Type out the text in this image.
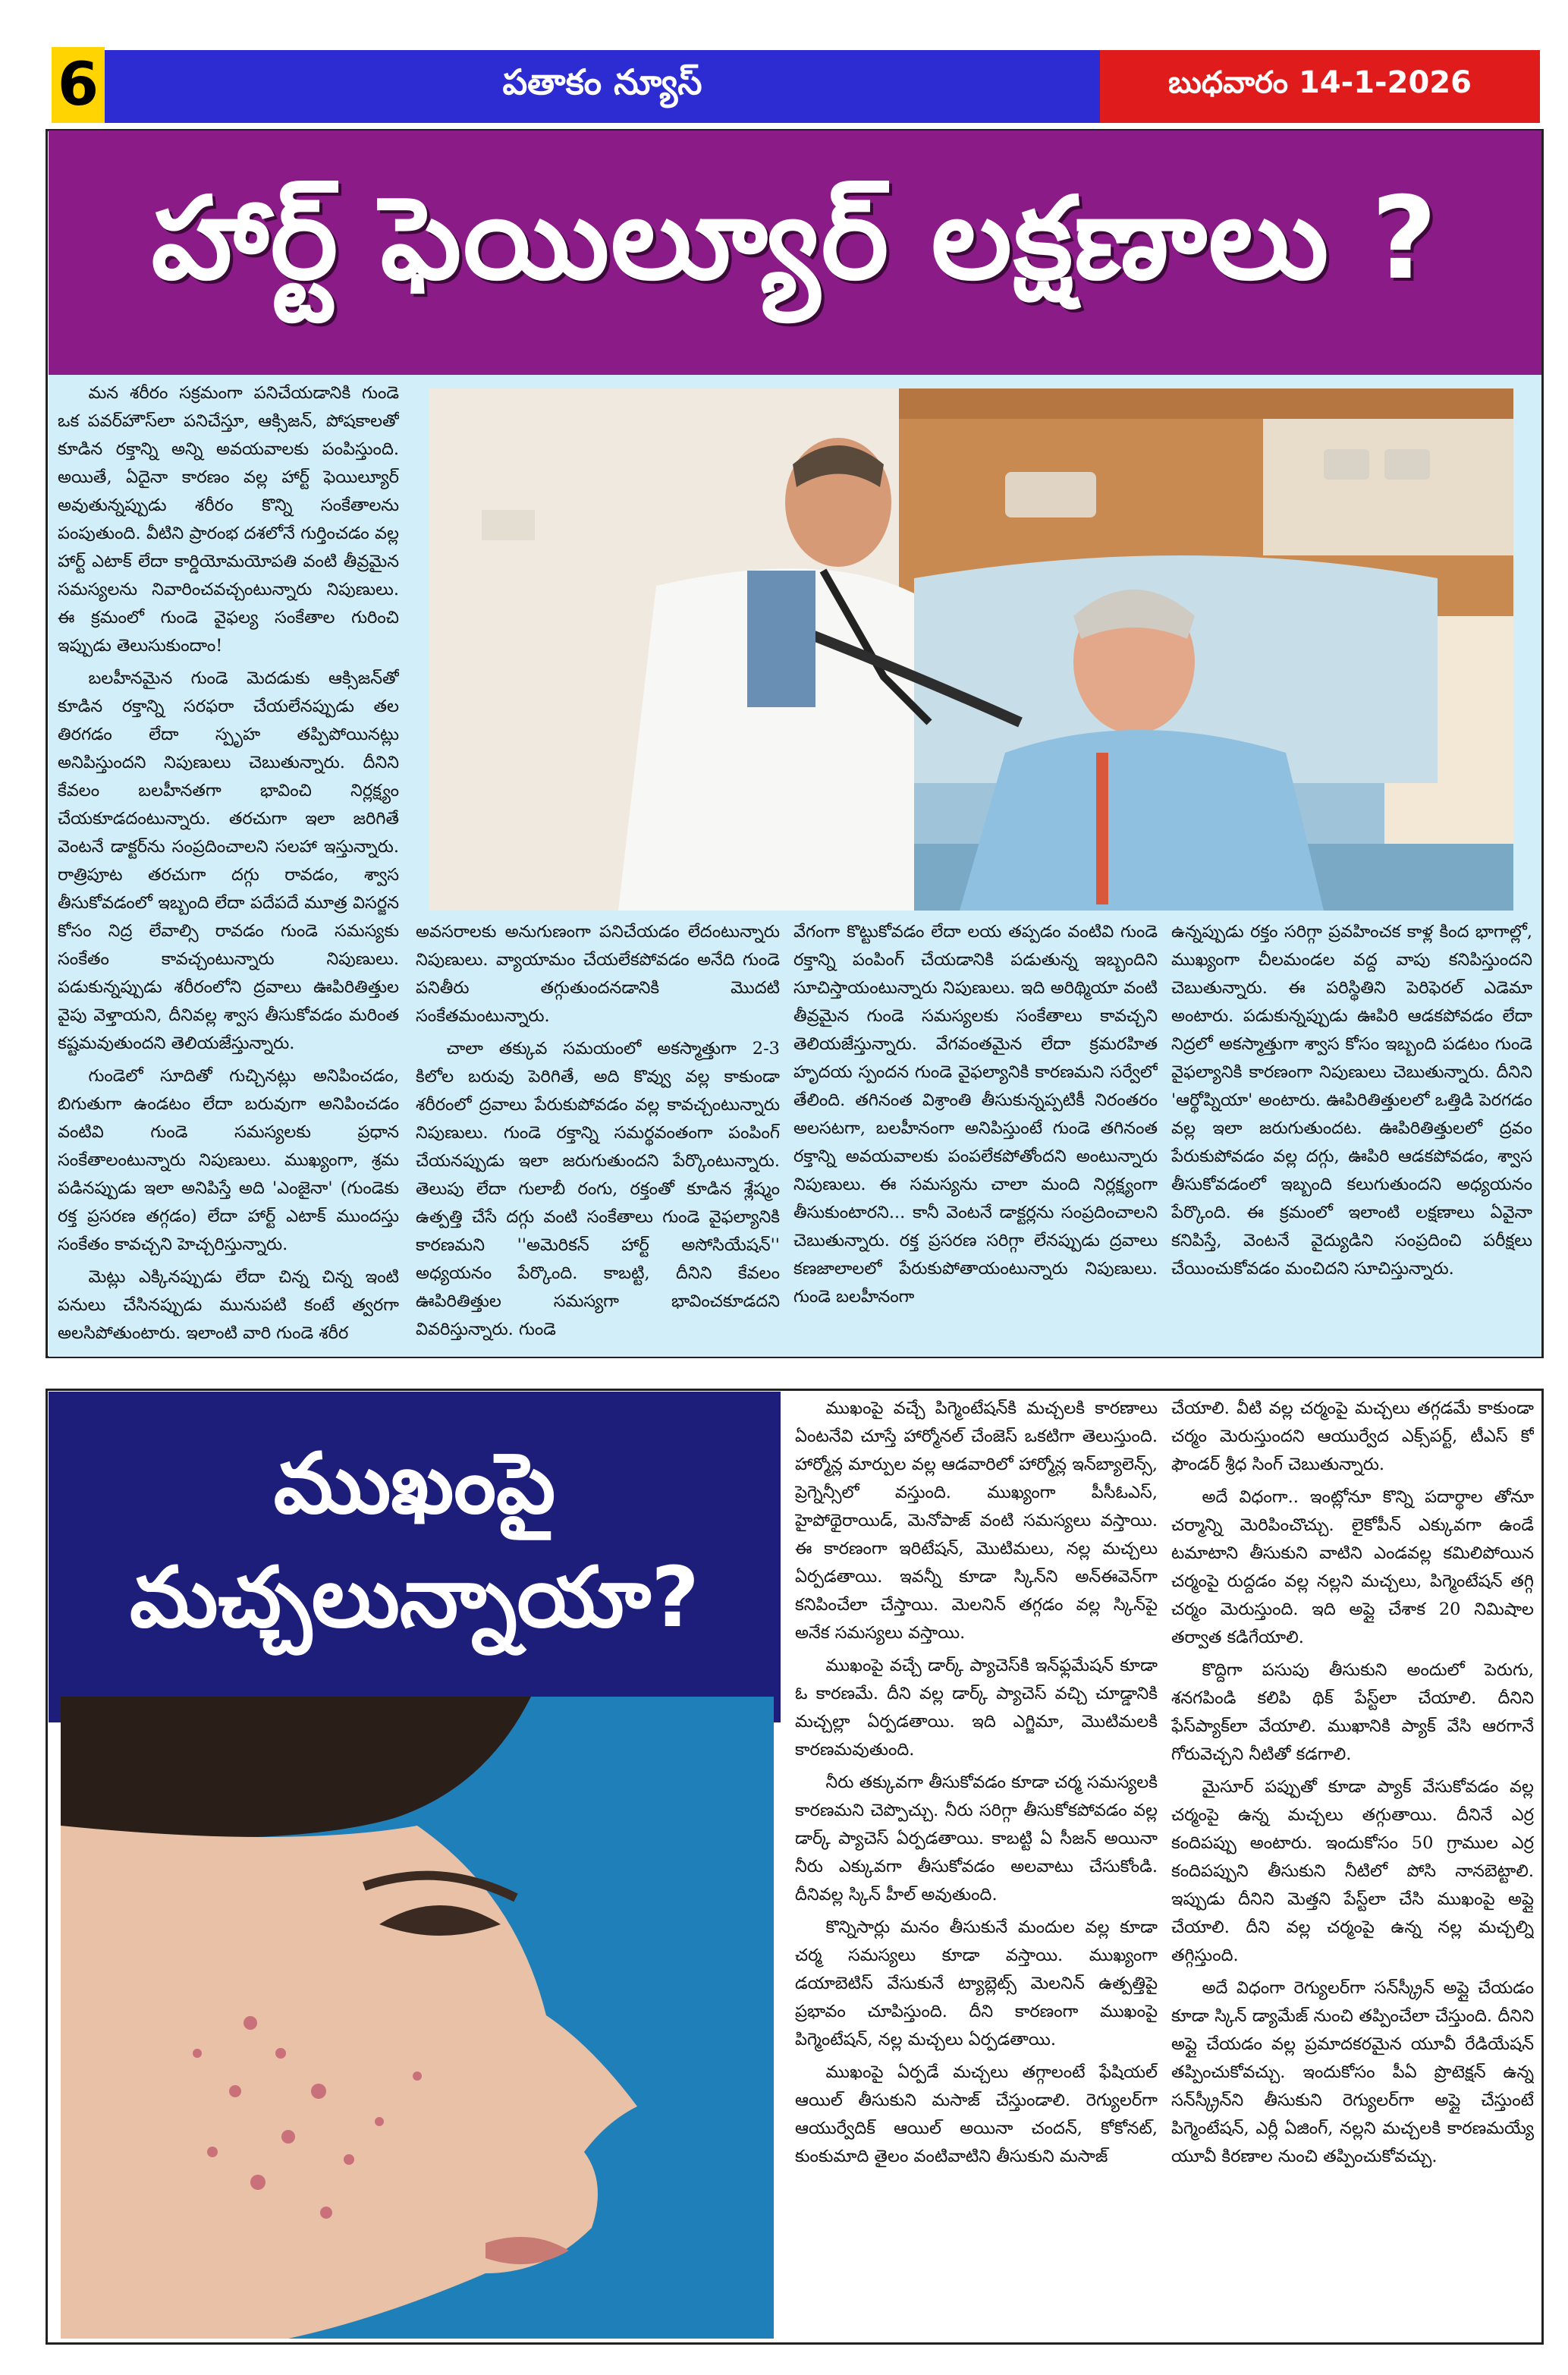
6	పతాకం న్యూస్	బుధవారం 14-1-2026
హార్ట్ ఫెయిల్యూర్ లక్షణాలు ?

మన శరీరం సక్రమంగా పనిచేయడానికి గుండె ఒక పవర్‌హౌస్‌లా పనిచేస్తూ, ఆక్సిజన్, పోషకాలతో కూడిన రక్తాన్ని అన్ని అవయవాలకు పంపిస్తుంది. అయితే, ఏదైనా కారణం వల్ల హార్ట్ ఫెయిల్యూర్ అవుతున్నప్పుడు శరీరం కొన్ని సంకేతాలను పంపుతుంది. వీటిని ప్రారంభ దశలోనే గుర్తించడం వల్ల హార్ట్ ఎటాక్ లేదా కార్డియోమయోపతి వంటి తీవ్రమైన సమస్యలను నివారించవచ్చంటున్నారు నిపుణులు. ఈ క్రమంలో గుండె వైఫల్య సంకేతాల గురించి ఇప్పుడు తెలుసుకుందాం!

బలహీనమైన గుండె మెదడుకు ఆక్సిజన్‌తో కూడిన రక్తాన్ని సరఫరా చేయలేనప్పుడు తల తిరగడం లేదా స్పృహ తప్పిపోయినట్లు అనిపిస్తుందని నిపుణులు చెబుతున్నారు. దీనిని కేవలం బలహీనతగా భావించి నిర్లక్ష్యం చేయకూడదంటున్నారు. తరచుగా ఇలా జరిగితే వెంటనే డాక్టర్‌ను సంప్రదించాలని సలహా ఇస్తున్నారు. రాత్రిపూట తరచుగా దగ్గు రావడం, శ్వాస తీసుకోవడంలో ఇబ్బంది లేదా పదేపదే మూత్ర విసర్జన కోసం నిద్ర లేవాల్సి రావడం గుండె సమస్యకు సంకేతం కావచ్చంటున్నారు నిపుణులు. పడుకున్నప్పుడు శరీరంలోని ద్రవాలు ఊపిరితిత్తుల వైపు వెళ్తాయని, దీనివల్ల శ్వాస తీసుకోవడం మరింత కష్టమవుతుందని తెలియజేస్తున్నారు.

గుండెలో సూదితో గుచ్చినట్లు అనిపించడం, బిగుతుగా ఉండటం లేదా బరువుగా అనిపించడం వంటివి గుండె సమస్యలకు ప్రధాన సంకేతాలంటున్నారు నిపుణులు. ముఖ్యంగా, శ్రమ పడినప్పుడు ఇలా అనిపిస్తే అది 'ఎంజైనా' (గుండెకు రక్త ప్రసరణ తగ్గడం) లేదా హార్ట్ ఎటాక్ ముందస్తు సంకేతం కావచ్చని హెచ్చరిస్తున్నారు.

మెట్లు ఎక్కినప్పుడు లేదా చిన్న చిన్న ఇంటి పనులు చేసినప్పుడు మునుపటి కంటే త్వరగా అలసిపోతుంటారు. ఇలాంటి వారి గుండె శరీర

అవసరాలకు అనుగుణంగా పనిచేయడం లేదంటున్నారు నిపుణులు. వ్యాయామం చేయలేకపోవడం అనేది గుండె పనితీరు తగ్గుతుందనడానికి మొదటి సంకేతమంటున్నారు.

చాలా తక్కువ సమయంలో అకస్మాత్తుగా 2-3 కిలోల బరువు పెరిగితే, అది కొవ్వు వల్ల కాకుండా శరీరంలో ద్రవాలు పేరుకుపోవడం వల్ల కావచ్చంటున్నారు నిపుణులు. గుండె రక్తాన్ని సమర్థవంతంగా పంపింగ్ చేయనప్పుడు ఇలా జరుగుతుందని పేర్కొంటున్నారు. తెలుపు లేదా గులాబీ రంగు, రక్తంతో కూడిన శ్లేష్మం ఉత్పత్తి చేసే దగ్గు వంటి సంకేతాలు గుండె వైఫల్యానికి కారణమని ''అమెరికన్ హార్ట్ అసోసియేషన్'' అధ్యయనం పేర్కొంది. కాబట్టి, దీనిని కేవలం ఊపిరితిత్తుల సమస్యగా భావించకూడదని వివరిస్తున్నారు. గుండె

వేగంగా కొట్టుకోవడం లేదా లయ తప్పడం వంటివి గుండె రక్తాన్ని పంపింగ్ చేయడానికి పడుతున్న ఇబ్బందిని సూచిస్తాయంటున్నారు నిపుణులు. ఇది అరిథ్మియా వంటి తీవ్రమైన గుండె సమస్యలకు సంకేతాలు కావచ్చని తెలియజేస్తున్నారు. వేగవంతమైన లేదా క్రమరహిత హృదయ స్పందన గుండె వైఫల్యానికి కారణమని సర్వేలో తేలింది. తగినంత విశ్రాంతి తీసుకున్నప్పటికీ నిరంతరం అలసటగా, బలహీనంగా అనిపిస్తుంటే గుండె తగినంత రక్తాన్ని అవయవాలకు పంపలేకపోతోందని అంటున్నారు నిపుణులు. ఈ సమస్యను చాలా మంది నిర్లక్ష్యంగా తీసుకుంటారని... కానీ వెంటనే డాక్టర్లను సంప్రదించాలని చెబుతున్నారు. రక్త ప్రసరణ సరిగ్గా లేనప్పుడు ద్రవాలు కణజాలాలలో పేరుకుపోతాయంటున్నారు నిపుణులు. గుండె బలహీనంగా

ఉన్నప్పుడు రక్తం సరిగ్గా ప్రవహించక కాళ్ల కింద భాగాల్లో, ముఖ్యంగా చీలమండల వద్ద వాపు కనిపిస్తుందని చెబుతున్నారు. ఈ పరిస్థితిని పెరిఫెరల్ ఎడెమా అంటారు. పడుకున్నప్పుడు ఊపిరి ఆడకపోవడం లేదా నిద్రలో అకస్మాత్తుగా శ్వాస కోసం ఇబ్బంది పడటం గుండె వైఫల్యానికి కారణంగా నిపుణులు చెబుతున్నారు. దీనిని 'ఆర్థోప్నియా' అంటారు. ఊపిరితిత్తులలో ఒత్తిడి పెరగడం వల్ల ఇలా జరుగుతుందట. ఊపిరితిత్తులలో ద్రవం పేరుకుపోవడం వల్ల దగ్గు, ఊపిరి ఆడకపోవడం, శ్వాస తీసుకోవడంలో ఇబ్బంది కలుగుతుందని అధ్యయనం పేర్కొంది. ఈ క్రమంలో ఇలాంటి లక్షణాలు ఏవైనా కనిపిస్తే, వెంటనే వైద్యుడిని సంప్రదించి పరీక్షలు చేయించుకోవడం మంచిదని సూచిస్తున్నారు.

ముఖంపై
మచ్చలున్నాయా?

ముఖంపై వచ్చే పిగ్మెంటేషన్‌కి మచ్చలకి కారణాలు ఏంటనేవి చూస్తే హార్మోనల్ చేంజెస్ ఒకటిగా తెలుస్తుంది. హార్మోన్ల మార్పుల వల్ల ఆడవారిలో హార్మోన్ల ఇన్‌బ్యాలెన్స్, ప్రెగ్నెన్సీలో వస్తుంది. ముఖ్యంగా పీసీఓఎస్, హైపోథైరాయిడ్, మెనోపాజ్ వంటి సమస్యలు వస్తాయి. ఈ కారణంగా ఇరిటేషన్, మొటిమలు, నల్ల మచ్చలు ఏర్పడతాయి. ఇవన్నీ కూడా స్కిన్‌ని అన్‌ఈవెన్‌గా కనిపించేలా చేస్తాయి. మెలనిన్ తగ్గడం వల్ల స్కిన్‌పై అనేక సమస్యలు వస్తాయి.

ముఖంపై వచ్చే డార్క్ ప్యాచెస్‌కి ఇన్‌ఫ్లమేషన్ కూడా ఓ కారణమే. దీని వల్ల డార్క్ ప్యాచెస్ వచ్చి చూడ్డానికి మచ్చల్లా ఏర్పడతాయి. ఇది ఎగ్జిమా, మొటిమలకి కారణమవుతుంది.

నీరు తక్కువగా తీసుకోవడం కూడా చర్మ సమస్యలకి కారణమని చెప్పొచ్చు. నీరు సరిగ్గా తీసుకోకపోవడం వల్ల డార్క్ ప్యాచెస్ ఏర్పడతాయి. కాబట్టి ఏ సీజన్ అయినా నీరు ఎక్కువగా తీసుకోవడం అలవాటు చేసుకోండి. దీనివల్ల స్కిన్ హీల్ అవుతుంది.

కొన్నిసార్లు మనం తీసుకునే మందుల వల్ల కూడా చర్మ సమస్యలు కూడా వస్తాయి. ముఖ్యంగా డయాబెటిస్ వేసుకునే ట్యాబ్లెట్స్ మెలనిన్ ఉత్పత్తిపై ప్రభావం చూపిస్తుంది. దీని కారణంగా ముఖంపై పిగ్మెంటేషన్, నల్ల మచ్చలు ఏర్పడతాయి.

ముఖంపై ఏర్పడే మచ్చలు తగ్గాలంటే ఫేషియల్ ఆయిల్ తీసుకుని మసాజ్ చేస్తుండాలి. రెగ్యులర్‌గా ఆయుర్వేదిక్ ఆయిల్ అయినా చందన్, కోకోనట్, కుంకుమాది తైలం వంటివాటిని తీసుకుని మసాజ్

చేయాలి. వీటి వల్ల చర్మంపై మచ్చలు తగ్గడమే కాకుండా చర్మం మెరుస్తుందని ఆయుర్వేద ఎక్స్‌పర్ట్, టీఎస్ కో ఫౌండర్ శ్రీధ సింగ్ చెబుతున్నారు.

అదే విధంగా.. ఇంట్లోనూ కొన్ని పదార్థాల తోనూ చర్మాన్ని మెరిపించొచ్చు. లైకోపీన్ ఎక్కువగా ఉండే టమాటాని తీసుకుని వాటిని ఎండవల్ల కమిలిపోయిన చర్మంపై రుద్దడం వల్ల నల్లని మచ్చలు, పిగ్మెంటేషన్ తగ్గి చర్మం మెరుస్తుంది. ఇది అప్లై చేశాక 20 నిమిషాల తర్వాత కడిగేయాలి.

కొద్దిగా పసుపు తీసుకుని అందులో పెరుగు, శనగపిండి కలిపి థిక్ పేస్ట్‌లా చేయాలి. దీనిని ఫేస్‌ప్యాక్‌లా వేయాలి. ముఖానికి ప్యాక్ వేసి ఆరగానే గోరువెచ్చని నీటితో కడగాలి.

మైసూర్ పప్పుతో కూడా ప్యాక్ వేసుకోవడం వల్ల చర్మంపై ఉన్న మచ్చలు తగ్గుతాయి. దీనినే ఎర్ర కందిపప్పు అంటారు. ఇందుకోసం 50 గ్రాముల ఎర్ర కందిపప్పుని తీసుకుని నీటిలో పోసి నానబెట్టాలి. ఇప్పుడు దీనిని మెత్తని పేస్ట్‌లా చేసి ముఖంపై అప్లై చేయాలి. దీని వల్ల చర్మంపై ఉన్న నల్ల మచ్చల్ని తగ్గిస్తుంది.

అదే విధంగా రెగ్యులర్‌గా సన్‌స్క్రీన్ అప్లై చేయడం కూడా స్కిన్ డ్యామేజ్ నుంచి తప్పించేలా చేస్తుంది. దీనిని అప్లై చేయడం వల్ల ప్రమాదకరమైన యూవీ రేడియేషన్ తప్పించుకోవచ్చు. ఇందుకోసం పీఏ ప్రొటెక్షన్ ఉన్న సన్‌స్క్రీన్‌ని తీసుకుని రెగ్యులర్‌గా అప్లై చేస్తుంటే పిగ్మెంటేషన్, ఎర్లీ ఏజింగ్, నల్లని మచ్చలకి కారణమయ్యే యూవీ కిరణాల నుంచి తప్పించుకోవచ్చు.
